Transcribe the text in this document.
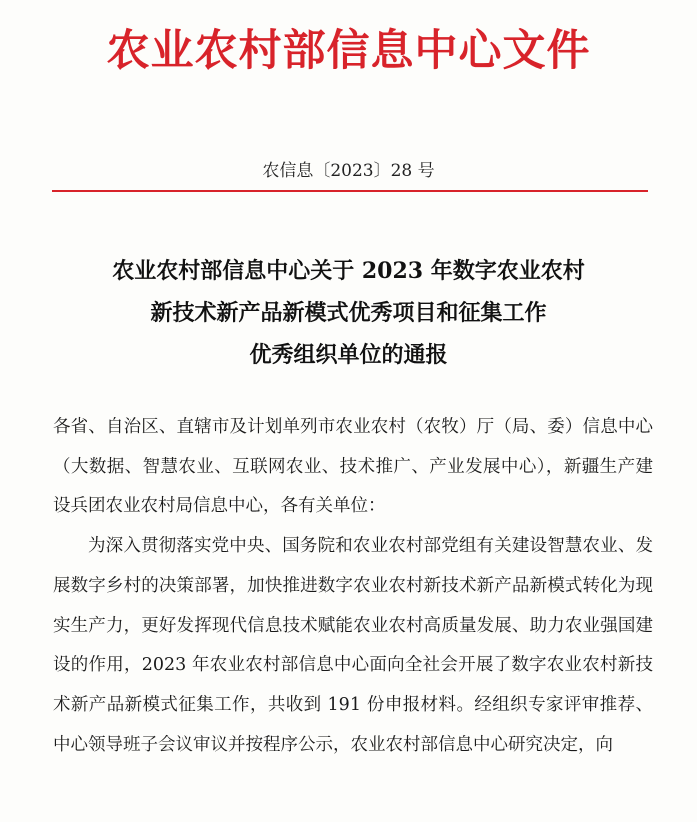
农业农村部信息中心文件
农信息〔2023〕28 号
农业农村部信息中心关于 2023 年数字农业农村
新技术新产品新模式优秀项目和征集工作
优秀组织单位的通报

各省、自治区、直辖市及计划单列市农业农村（农牧）厅（局、委）信息中心（大数据、智慧农业、互联网农业、技术推广、产业发展中心），新疆生产建设兵团农业农村局信息中心，各有关单位：

为深入贯彻落实党中央、国务院和农业农村部党组有关建设智慧农业、发展数字乡村的决策部署，加快推进数字农业农村新技术新产品新模式转化为现实生产力，更好发挥现代信息技术赋能农业农村高质量发展、助力农业强国建设的作用，2023 年农业农村部信息中心面向全社会开展了数字农业农村新技术新产品新模式征集工作，共收到 191 份申报材料。经组织专家评审推荐、中心领导班子会议审议并按程序公示，农业农村部信息中心研究决定，向
